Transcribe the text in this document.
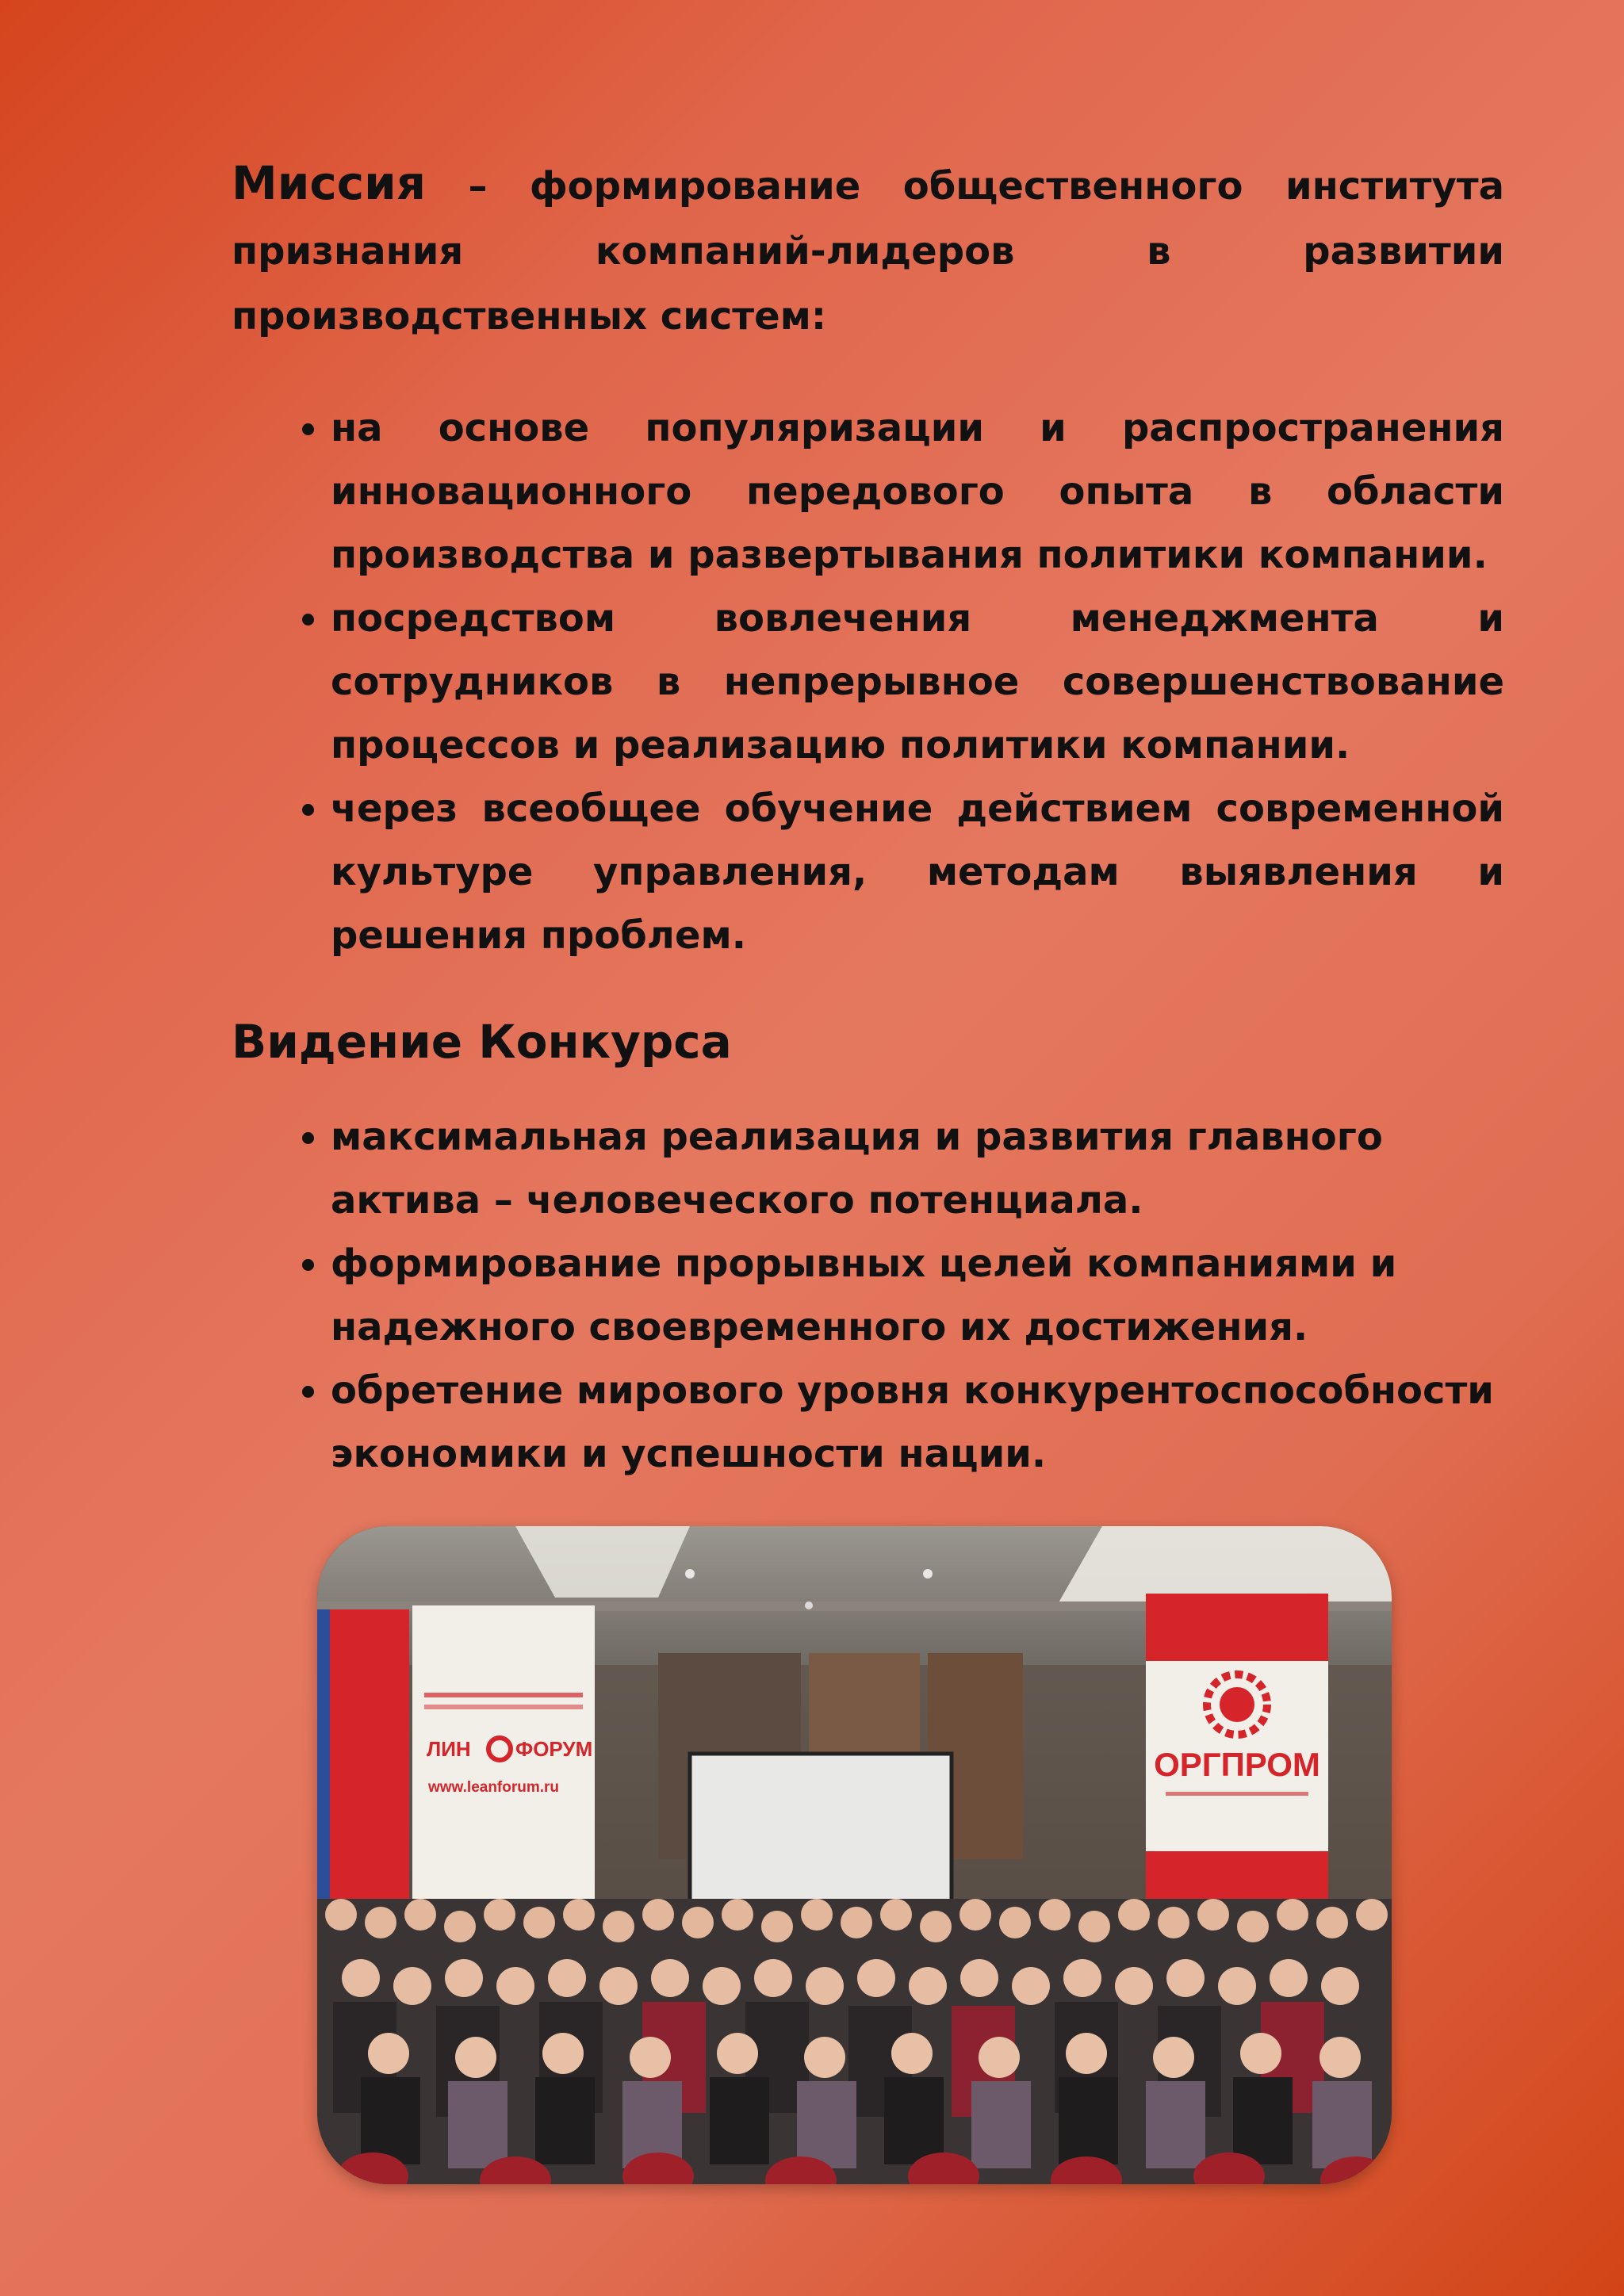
Миссия – формирование общественного института признания компаний-лидеров в развитии производственных систем:

• на основе популяризации и распространения инновационного передового опыта в области производства и развертывания политики компании.
• посредством вовлечения менеджмента и сотрудников в непрерывное совершенствование процессов и реализацию политики компании.
• через всеобщее обучение действием современной культуре управления, методам выявления и решения проблем.
Видение Конкурса
• максимальная реализация и развития главного актива – человеческого потенциала.
• формирование прорывных целей компаниями и надежного своевременного их достижения.
• обретение мирового уровня конкурентоспособности экономики и успешности нации.
ЛИН ФОРУМ
www.leanforum.ru
ОРГПРОМ
